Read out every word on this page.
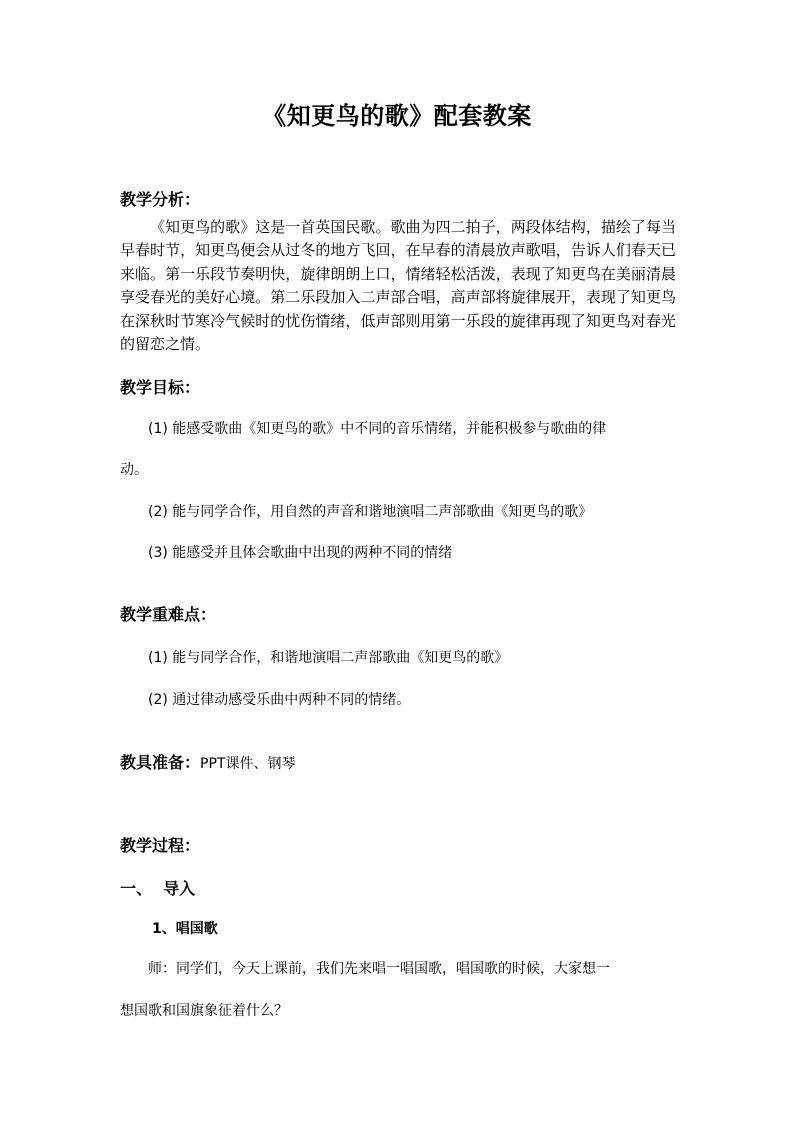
《知更鸟的歌》配套教案
教学分析：
《知更鸟的歌》这是一首英国民歌。歌曲为四二拍子，两段体结构，描绘了每当早春时节，知更鸟便会从过冬的地方飞回，在早春的清晨放声歌唱，告诉人们春天已来临。第一乐段节奏明快，旋律朗朗上口，情绪轻松活泼，表现了知更鸟在美丽清晨享受春光的美好心境。第二乐段加入二声部合唱，高声部将旋律展开，表现了知更鸟在深秋时节寒冷气候时的忧伤情绪，低声部则用第一乐段的旋律再现了知更鸟对春光的留恋之情。
教学目标：
(1) 能感受歌曲《知更鸟的歌》中不同的音乐情绪，并能积极参与歌曲的律
动。
(2) 能与同学合作，用自然的声音和谐地演唱二声部歌曲《知更鸟的歌》
(3) 能感受并且体会歌曲中出现的两种不同的情绪
教学重难点：
(1) 能与同学合作，和谐地演唱二声部歌曲《知更鸟的歌》
(2) 通过律动感受乐曲中两种不同的情绪。
教具准备：PPT课件、钢琴
教学过程：
一、  导入
1、唱国歌
师：同学们，今天上课前，我们先来唱一唱国歌，唱国歌的时候，大家想一
想国歌和国旗象征着什么？
